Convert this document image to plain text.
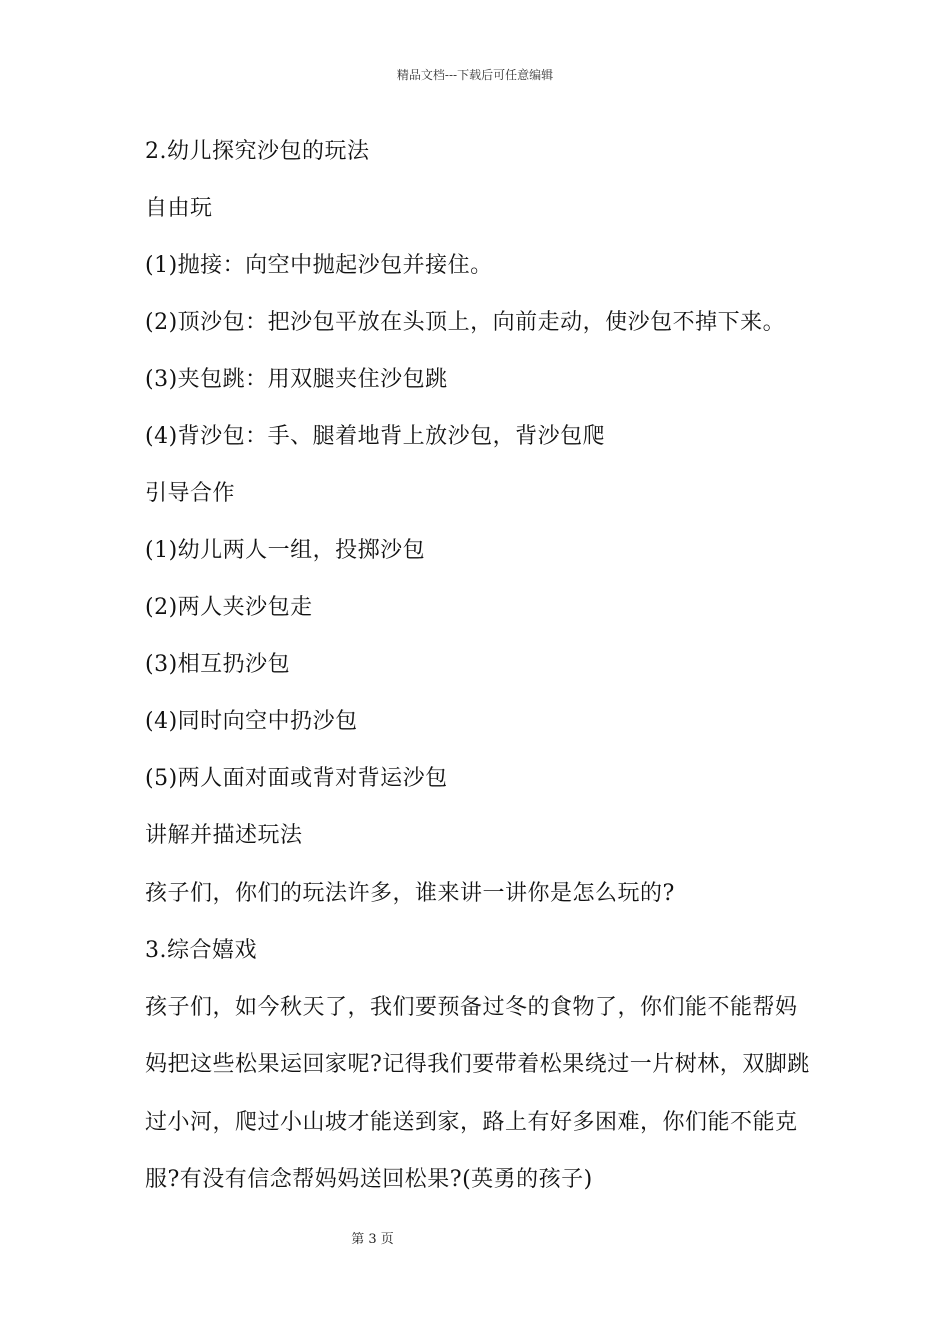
精品文档---下载后可任意编辑
2.幼儿探究沙包的玩法
自由玩
(1)抛接：向空中抛起沙包并接住。
(2)顶沙包：把沙包平放在头顶上，向前走动，使沙包不掉下来。
(3)夹包跳：用双腿夹住沙包跳
(4)背沙包：手、腿着地背上放沙包，背沙包爬
引导合作
(1)幼儿两人一组，投掷沙包
(2)两人夹沙包走
(3)相互扔沙包
(4)同时向空中扔沙包
(5)两人面对面或背对背运沙包
讲解并描述玩法
孩子们，你们的玩法许多，谁来讲一讲你是怎么玩的?
3.综合嬉戏
孩子们，如今秋天了，我们要预备过冬的食物了，你们能不能帮妈
妈把这些松果运回家呢?记得我们要带着松果绕过一片树林，双脚跳
过小河，爬过小山坡才能送到家，路上有好多困难，你们能不能克
服?有没有信念帮妈妈送回松果?(英勇的孩子)
第 3 页
